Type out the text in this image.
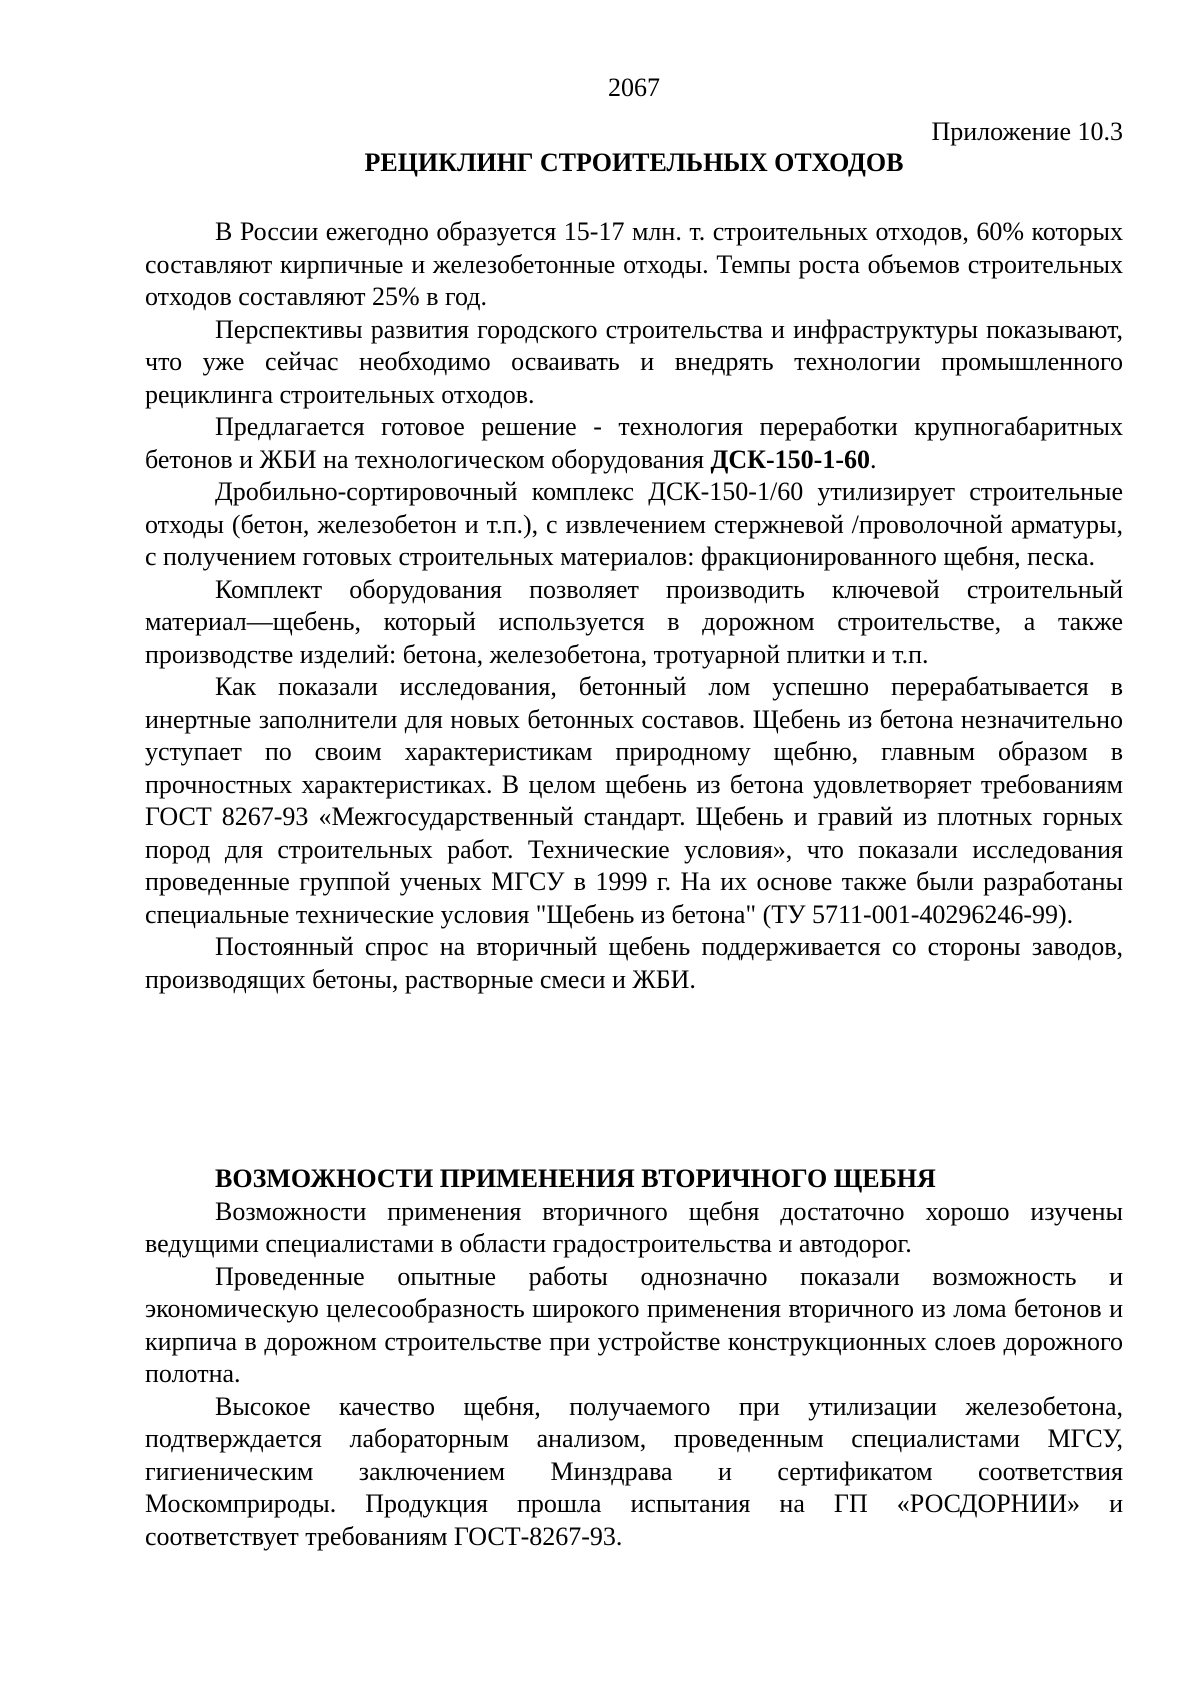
2067
Приложение 10.3
РЕЦИКЛИНГ СТРОИТЕЛЬНЫХ ОТХОДОВ

В России ежегодно образуется 15-17 млн. т. строительных отходов, 60% которых составляют кирпичные и железобетонные отходы. Темпы роста объемов строительных отходов составляют 25% в год.

Перспективы развития городского строительства и инфраструктуры показывают, что уже сейчас необходимо осваивать и внедрять технологии промышленного рециклинга строительных отходов.

Предлагается готовое решение - технология переработки крупногабаритных бетонов и ЖБИ на технологическом оборудования ДСК-150-1-60.

Дробильно-сортировочный комплекс ДСК-150-1/60 утилизирует строительные отходы (бетон, железобетон и т.п.), с извлечением стержневой /проволочной арматуры, с получением готовых строительных материалов: фракционированного щебня, песка.

Комплект оборудования позволяет производить ключевой строительный материал—щебень, который используется в дорожном строительстве, а также производстве изделий: бетона, железобетона, тротуарной плитки и т.п.

Как показали исследования, бетонный лом успешно перерабатывается в инертные заполнители для новых бетонных составов. Щебень из бетона незначительно уступает по своим характеристикам природному щебню, главным образом в прочностных характеристиках. В целом щебень из бетона удовлетворяет требованиям ГОСТ 8267-93 «Межгосударственный стандарт. Щебень и гравий из плотных горных пород для строительных работ. Технические условия», что показали исследования проведенные группой ученых МГСУ в 1999 г. На их основе также были разработаны специальные технические условия "Щебень из бетона" (ТУ 5711-001-40296246-99).

Постоянный спрос на вторичный щебень поддерживается со стороны заводов, производящих бетоны, растворные смеси и ЖБИ.

ВОЗМОЖНОСТИ ПРИМЕНЕНИЯ ВТОРИЧНОГО ЩЕБНЯ

Возможности применения вторичного щебня достаточно хорошо изучены ведущими специалистами в области градостроительства и автодорог.

Проведенные опытные работы однозначно показали возможность и экономическую целесообразность широкого применения вторичного из лома бетонов и кирпича в дорожном строительстве при устройстве конструкционных слоев дорожного полотна.

Высокое качество щебня, получаемого при утилизации железобетона, подтверждается лабораторным анализом, проведенным специалистами МГСУ, гигиеническим заключением Минздрава и сертификатом соответствия Москомприроды. Продукция прошла испытания на ГП «РОСДОРНИИ» и соответствует требованиям ГОСТ-8267-93.
